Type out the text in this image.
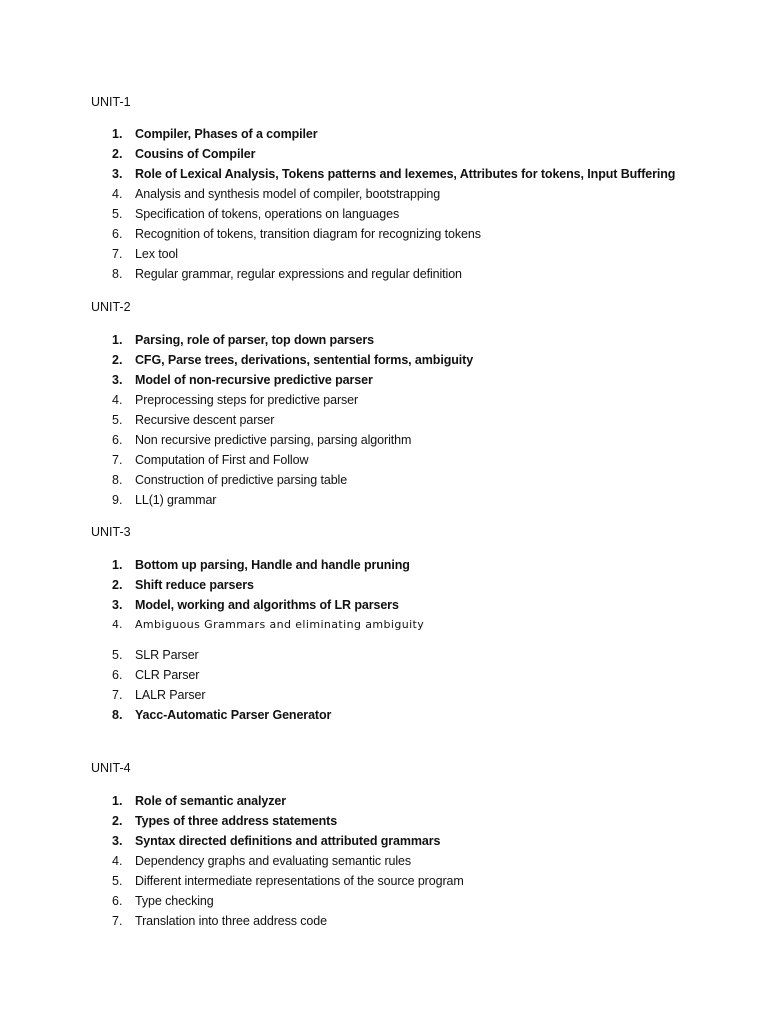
UNIT-1
1. Compiler, Phases of a compiler
2. Cousins of Compiler
3. Role of Lexical Analysis, Tokens patterns and lexemes, Attributes for tokens, Input Buffering
4. Analysis and synthesis model of compiler, bootstrapping
5. Specification of tokens, operations on languages
6. Recognition of tokens, transition diagram for recognizing tokens
7. Lex tool
8. Regular grammar, regular expressions and regular definition
UNIT-2
1. Parsing, role of parser, top down parsers
2. CFG, Parse trees, derivations, sentential forms, ambiguity
3. Model of non-recursive predictive parser
4. Preprocessing steps for predictive parser
5. Recursive descent parser
6. Non recursive predictive parsing, parsing algorithm
7. Computation of First and Follow
8. Construction of predictive parsing table
9. LL(1) grammar
UNIT-3
1. Bottom up parsing, Handle and handle pruning
2. Shift reduce parsers
3. Model, working and algorithms of LR parsers
4. Ambiguous Grammars and eliminating ambiguity
5. SLR Parser
6. CLR Parser
7. LALR Parser
8. Yacc-Automatic Parser Generator
UNIT-4
1. Role of semantic analyzer
2. Types of three address statements
3. Syntax directed definitions and attributed grammars
4. Dependency graphs and evaluating semantic rules
5. Different intermediate representations of the source program
6. Type checking
7. Translation into three address code
